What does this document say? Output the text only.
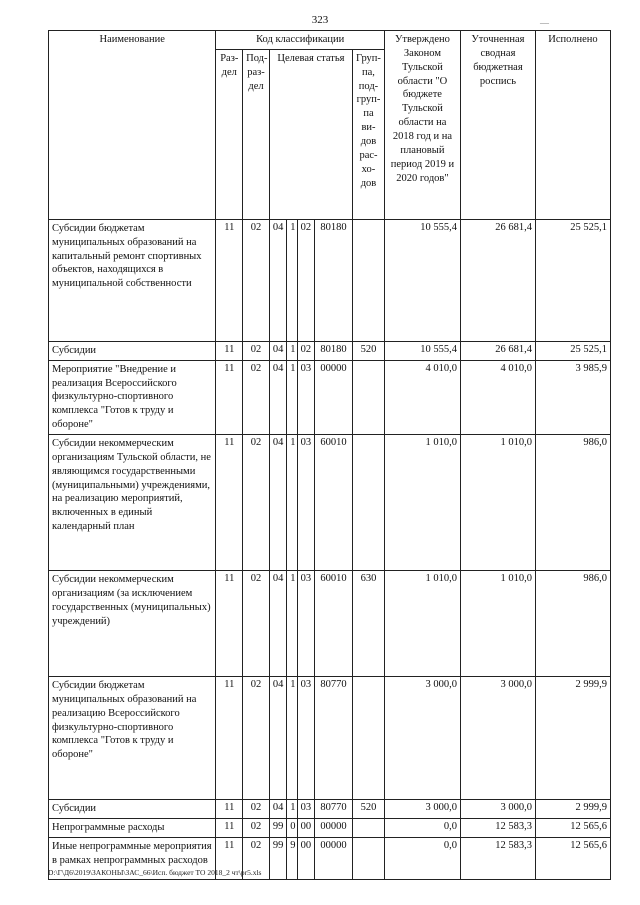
323	—
Наименование	Код классификации							Утверждено Законом Тульской области "О бюджете Тульской области на 2018 год и на плановый период 2019 и 2020 годов"	Уточненная сводная бюджетная роспись	Исполнено
	Раз-дел	Под-раз-дел	Целевая статья				Груп-па, под-груп-па ви-дов рас-хо-дов			
Субсидии бюджетам муниципальных образований на капитальный ремонт спортивных объектов, находящихся в муниципальной собственности	11	02	04	1	02	80180		10 555,4	26 681,4	25 525,1
Субсидии	11	02	04	1	02	80180	520	10 555,4	26 681,4	25 525,1
Мероприятие "Внедрение и реализация Всероссийского физкультурно-спортивного комплекса "Готов к труду и обороне"	11	02	04	1	03	00000		4 010,0	4 010,0	3 985,9
Субсидии некоммерческим организациям Тульской области, не являющимся государственными (муниципальными) учреждениями, на реализацию мероприятий, включенных в единый календарный план	11	02	04	1	03	60010		1 010,0	1 010,0	986,0
Субсидии некоммерческим организациям (за исключением государственных (муниципальных) учреждений)	11	02	04	1	03	60010	630	1 010,0	1 010,0	986,0
Субсидии бюджетам муниципальных образований на реализацию Всероссийского физкультурно-спортивного комплекса "Готов к труду и обороне"	11	02	04	1	03	80770		3 000,0	3 000,0	2 999,9
Субсидии	11	02	04	1	03	80770	520	3 000,0	3 000,0	2 999,9
Непрограммные расходы	11	02	99	0	00	00000		0,0	12 583,3	12 565,6
Иные непрограммные мероприятия в рамках непрограммных расходов	11	02	99	9	00	00000		0,0	12 583,3	12 565,6
D:\Г\Д6\2019\ЗАКОНЫ\ЗАС_66\Исп. бюджет ТО 2018_2 чт\pr5.xls
